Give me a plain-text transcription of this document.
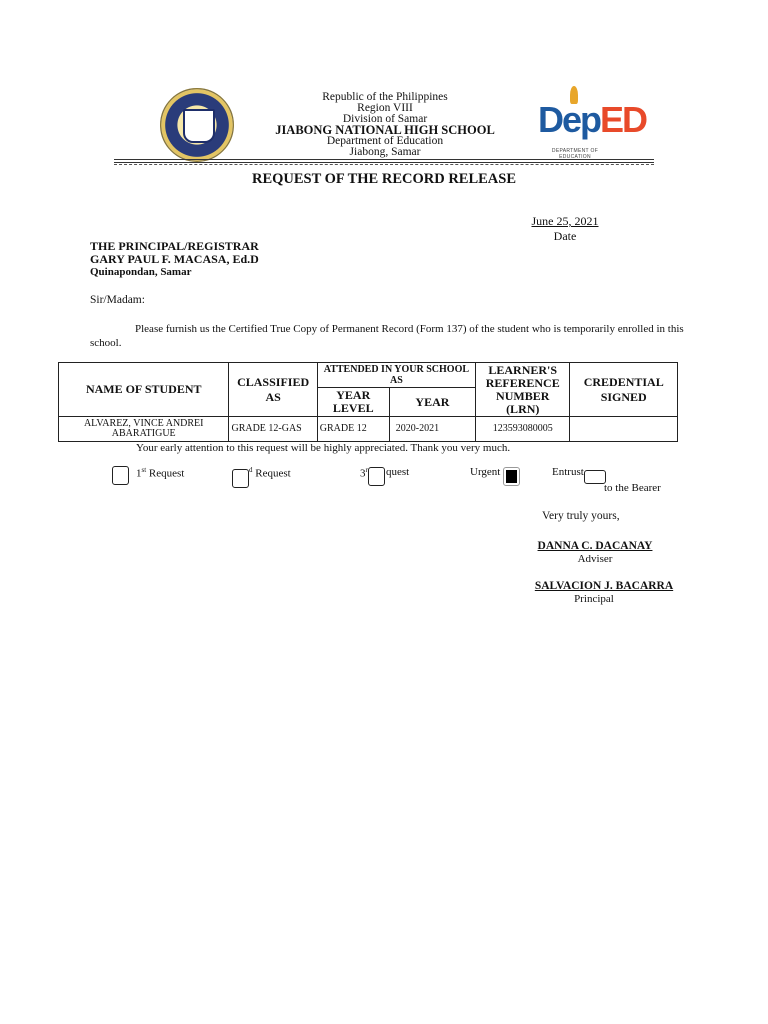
Republic of the Philippines
Region VIII
Division of Samar
JIABONG NATIONAL HIGH SCHOOL
Department of Education
Jiabong, Samar
DepED
DEPARTMENT OF EDUCATION
REQUEST OF THE RECORD RELEASE
June 25, 2021
Date
THE PRINCIPAL/REGISTRAR
GARY PAUL F. MACASA, Ed.D
Quinapondan, Samar
Sir/Madam:
Please furnish us the Certified True Copy of Permanent Record (Form 137) of the student who is temporarily enrolled in this school.
NAME OF STUDENT	CLASSIFIED AS	ATTENDED IN YOUR SCHOOL AS		LEARNER'S REFERENCE NUMBER (LRN)	CREDENTIAL SIGNED
		YEAR LEVEL	YEAR		
ALVAREZ, VINCE ANDREI ABARATIGUE	GRADE 12-GAS	GRADE 12	2020-2021	123593080005	
Your early attention to this request will be highly appreciated. Thank you very much.
1st Request	$^d$ Request	3$^r$ quest	Urgent	Entrust
to the Bearer
Very truly yours,
DANNA C. DACANAY
Adviser
SALVACION J. BACARRA
Principal
